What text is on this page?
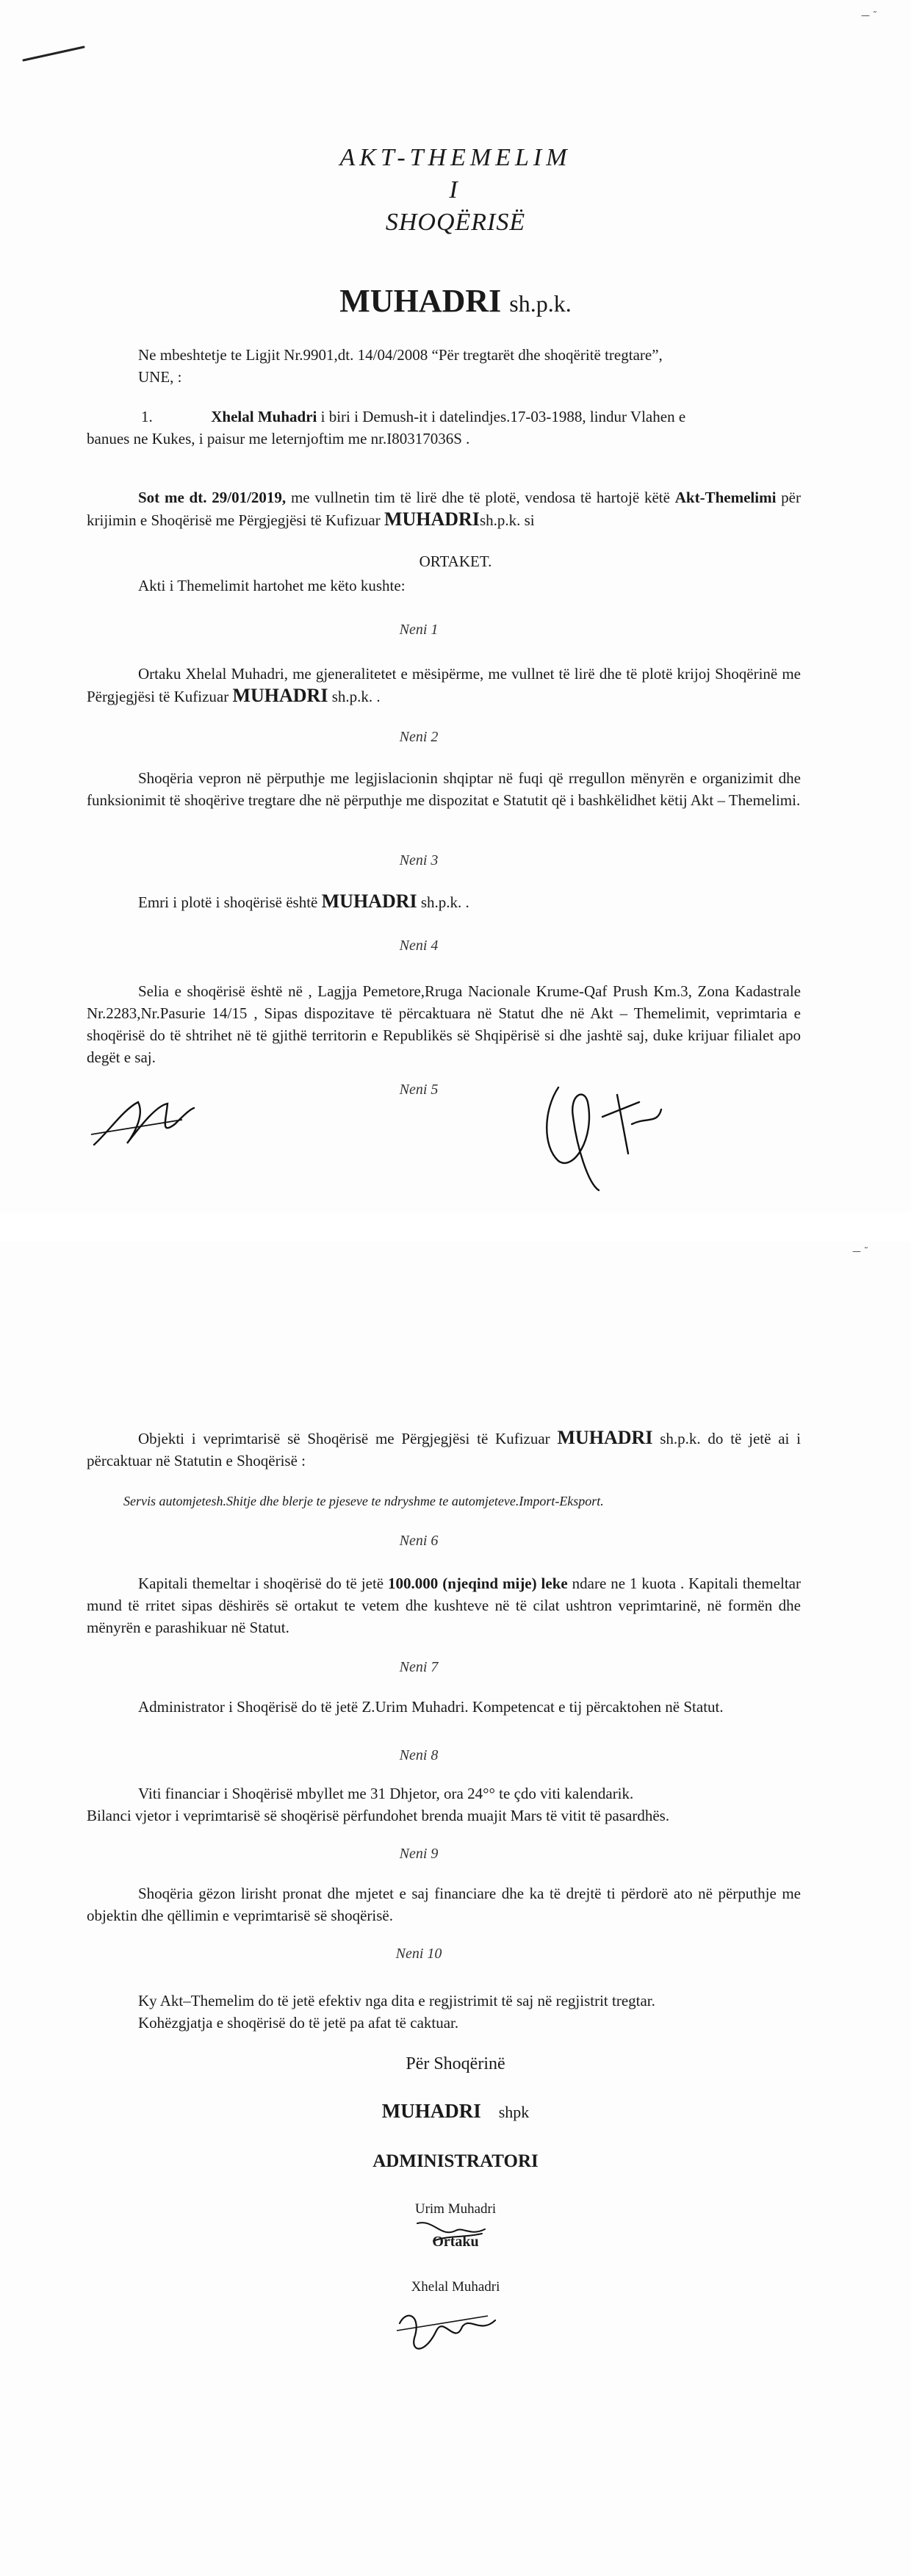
— ˜
AKT-THEMELIM
I
SHOQËRISË
MUHADRI sh.p.k.
Ne mbeshtetje te Ligjit Nr.9901,dt. 14/04/2008 “Për tregtarët dhe shoqëritë tregtare”,
UNE, :
1.	Xhelal Muhadri i biri i Demush-it i datelindjes.17-03-1988, lindur Vlahen e
banues ne Kukes, i paisur me leternjoftim me nr.I80317036S .
Sot me dt. 29/01/2019, me vullnetin tim të lirë dhe të plotë, vendosa të hartojë këtë Akt-Themelimi për krijimin e Shoqërisë me Përgjegjësi të Kufizuar MUHADRIsh.p.k. si
ORTAKET.
Akti i Themelimit hartohet me këto kushte:
Neni 1
Ortaku Xhelal Muhadri, me gjeneralitetet e mësipërme, me vullnet të lirë dhe të plotë krijoj Shoqërinë me Përgjegjësi të Kufizuar MUHADRI sh.p.k. .
Neni 2
Shoqëria vepron në përputhje me legjislacionin shqiptar në fuqi që rregullon mënyrën e organizimit dhe funksionimit të shoqërive tregtare dhe në përputhje me dispozitat e Statutit që i bashkëlidhet këtij Akt – Themelimi.
Neni 3
Emri i plotë i shoqërisë është MUHADRI sh.p.k. .
Neni 4
Selia e shoqërisë është në , Lagjja Pemetore,Rruga Nacionale Krume-Qaf Prush Km.3, Zona Kadastrale Nr.2283,Nr.Pasurie 14/15 , Sipas dispozitave të përcaktuara në Statut dhe në Akt – Themelimit, veprimtaria e shoqërisë do të shtrihet në të gjithë territorin e Republikës së Shqipërisë si dhe jashtë saj, duke krijuar filialet apo degët e saj.
Neni 5
— ˜
Objekti i veprimtarisë së Shoqërisë me Përgjegjësi të Kufizuar MUHADRI sh.p.k. do të jetë ai i përcaktuar në Statutin e Shoqërisë :
Servis automjetesh.Shitje dhe blerje te pjeseve te ndryshme te automjeteve.Import-Eksport.
Neni 6
Kapitali themeltar i shoqërisë do të jetë 100.000 (njeqind mije) leke ndare ne 1 kuota . Kapitali themeltar mund të rritet sipas dëshirës së ortakut te vetem dhe kushteve në të cilat ushtron veprimtarinë, në formën dhe mënyrën e parashikuar në Statut.
Neni 7
Administrator i Shoqërisë do të jetë Z.Urim Muhadri. Kompetencat e tij përcaktohen në Statut.
Neni 8
Viti financiar i Shoqërisë mbyllet me 31 Dhjetor, ora 24°° te çdo viti kalendarik.
Bilanci vjetor i veprimtarisë së shoqërisë përfundohet brenda muajit Mars të vitit të pasardhës.
Neni 9
Shoqëria gëzon lirisht pronat dhe mjetet e saj financiare dhe ka të drejtë ti përdorë ato në përputhje me objektin dhe qëllimin e veprimtarisë së shoqërisë.
Neni 10
Ky Akt–Themelim do të jetë efektiv nga dita e regjistrimit të saj në regjistrit tregtar.
Kohëzgjatja e shoqërisë do të jetë pa afat të caktuar.
Për Shoqërinë
MUHADRI shpk
ADMINISTRATORI
Urim Muhadri
Ortaku
Xhelal Muhadri
